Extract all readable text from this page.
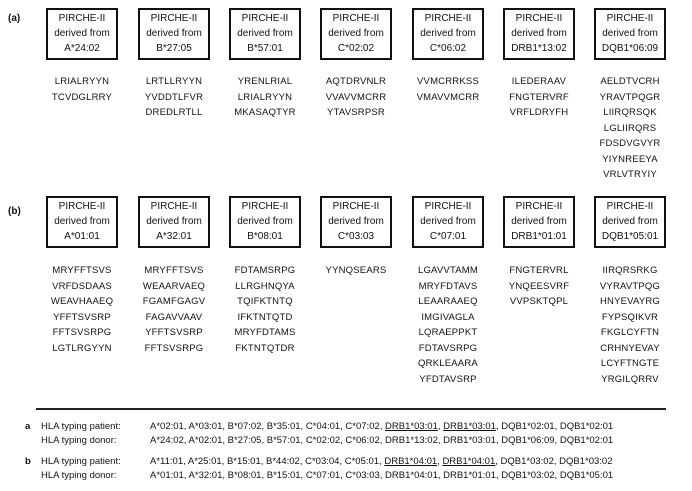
(a)	PIRCHE-II
derived from
A*24:02
LRIALRYYN
TCVDGLRRY
PIRCHE-II
derived from
B*27:05
LRTLLRYYN
YVDDTLFVR
DREDLRTLL
PIRCHE-II
derived from
B*57:01
YRENLRIAL
LRIALRYYN
MKASAQTYR
PIRCHE-II
derived from
C*02:02
AQTDRVNLR
VVAVVMCRR
YTAVSRPSR
PIRCHE-II
derived from
C*06:02
VVMCRRKSS
VMAVVMCRR
PIRCHE-II
derived from
DRB1*13:02
ILEDERAAV
FNGTERVRF
VRFLDRYFH
PIRCHE-II
derived from
DQB1*06:09
AELDTVCRH
YRAVTPQGR
LIIRQRSQK
LGLIIRQRS
FDSDVGVYR
YIYNREEYA
VRLVTRYIY
(b)	PIRCHE-II
derived from
A*01:01
MRYFFTSVS
VRFDSDAAS
WEAVHAAEQ
YFFTSVSRP
FFTSVSRPG
LGTLRGYYN
PIRCHE-II
derived from
A*32:01
MRYFFTSVS
WEAARVAEQ
FGAMFGAGV
FAGAVVAAV
YFFTSVSRP
FFTSVSRPG
PIRCHE-II
derived from
B*08:01
FDTAMSRPG
LLRGHNQYA
TQIFKTNTQ
IFKTNTQTD
MRYFDTAMS
FKTNTQTDR
PIRCHE-II
derived from
C*03:03
YYNQSEARS
PIRCHE-II
derived from
C*07:01
LGAVVTAMM
MRYFDTAVS
LEAARAAEQ
IMGIVAGLA
LQRAEPPKT
FDTAVSRPG
QRKLEAARA
YFDTAVSRP
PIRCHE-II
derived from
DRB1*01:01
FNGTERVRL
YNQEESVRF
VVPSKTQPL
PIRCHE-II
derived from
DQB1*05:01
IIRQRSRKG
VYRAVTPQG
HNYEVAYRG
FYPSQIKVR
FKGLCYFTN
CRHNYEVAY
LCYFTNGTE
YRGILQRRV
a HLA typing patient:	A*02:01, A*03:01, B*07:02, B*35:01, C*04:01, C*07:02, DRB1*03:01, DRB1*03:01, DQB1*02:01, DQB1*02:01
HLA typing donor:	A*24:02, A*02:01, B*27:05, B*57:01, C*02:02, C*06:02, DRB1*13:02, DRB1*03:01, DQB1*06:09, DQB1*02:01
b HLA typing patient:	A*11:01, A*25:01, B*15:01, B*44:02, C*03:04, C*05:01, DRB1*04:01, DRB1*04:01, DQB1*03:02, DQB1*03:02
HLA typing donor:	A*01:01, A*32:01, B*08:01, B*15:01, C*07:01, C*03:03, DRB1*04:01, DRB1*01:01, DQB1*03:02, DQB1*05:01
